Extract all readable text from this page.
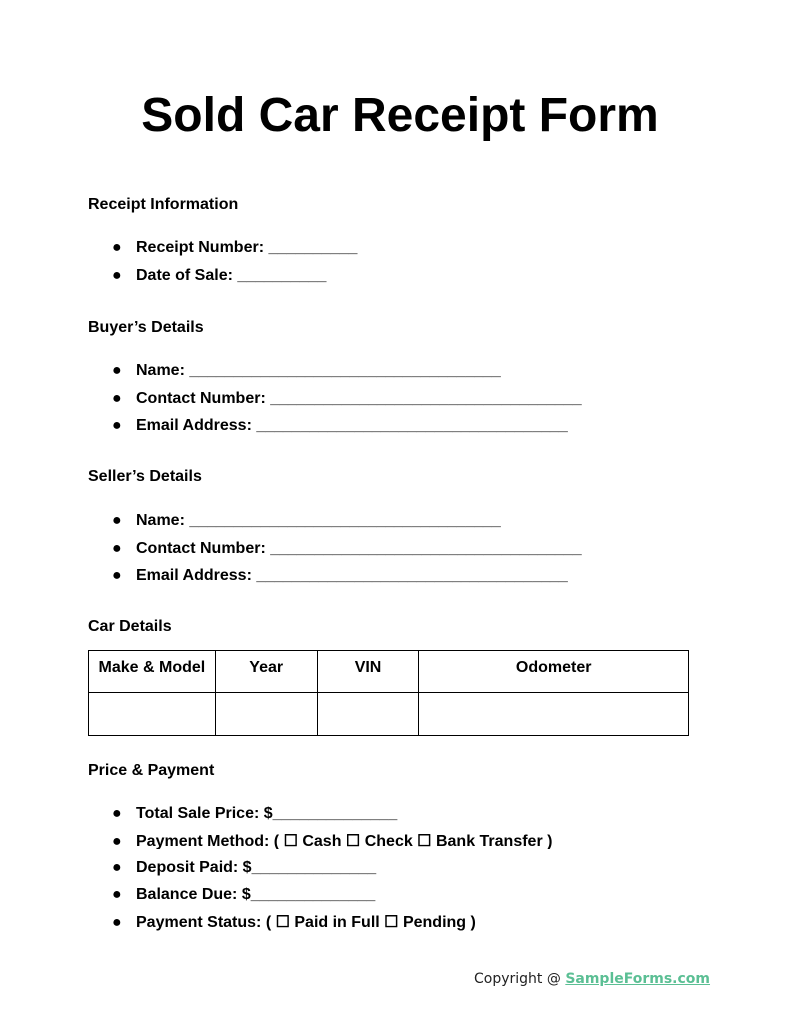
Sold Car Receipt Form
Receipt Information

●

Receipt Number: __________

●

Date of Sale: __________

Buyer’s Details

●

Name: ___________________________________

●

Contact Number: ___________________________________

●

Email Address: ___________________________________

Seller’s Details

●

Name: ___________________________________

●

Contact Number: ___________________________________

●

Email Address: ___________________________________

Car Details
Make & Model	Year	VIN	Odometer

Price & Payment

●

Total Sale Price: $______________

●

Payment Method: ( ☐ Cash ☐ Check ☐ Bank Transfer )

●

Deposit Paid: $______________

●

Balance Due: $______________

●

Payment Status: ( ☐ Paid in Full ☐ Pending )

Copyright @ SampleForms.com
